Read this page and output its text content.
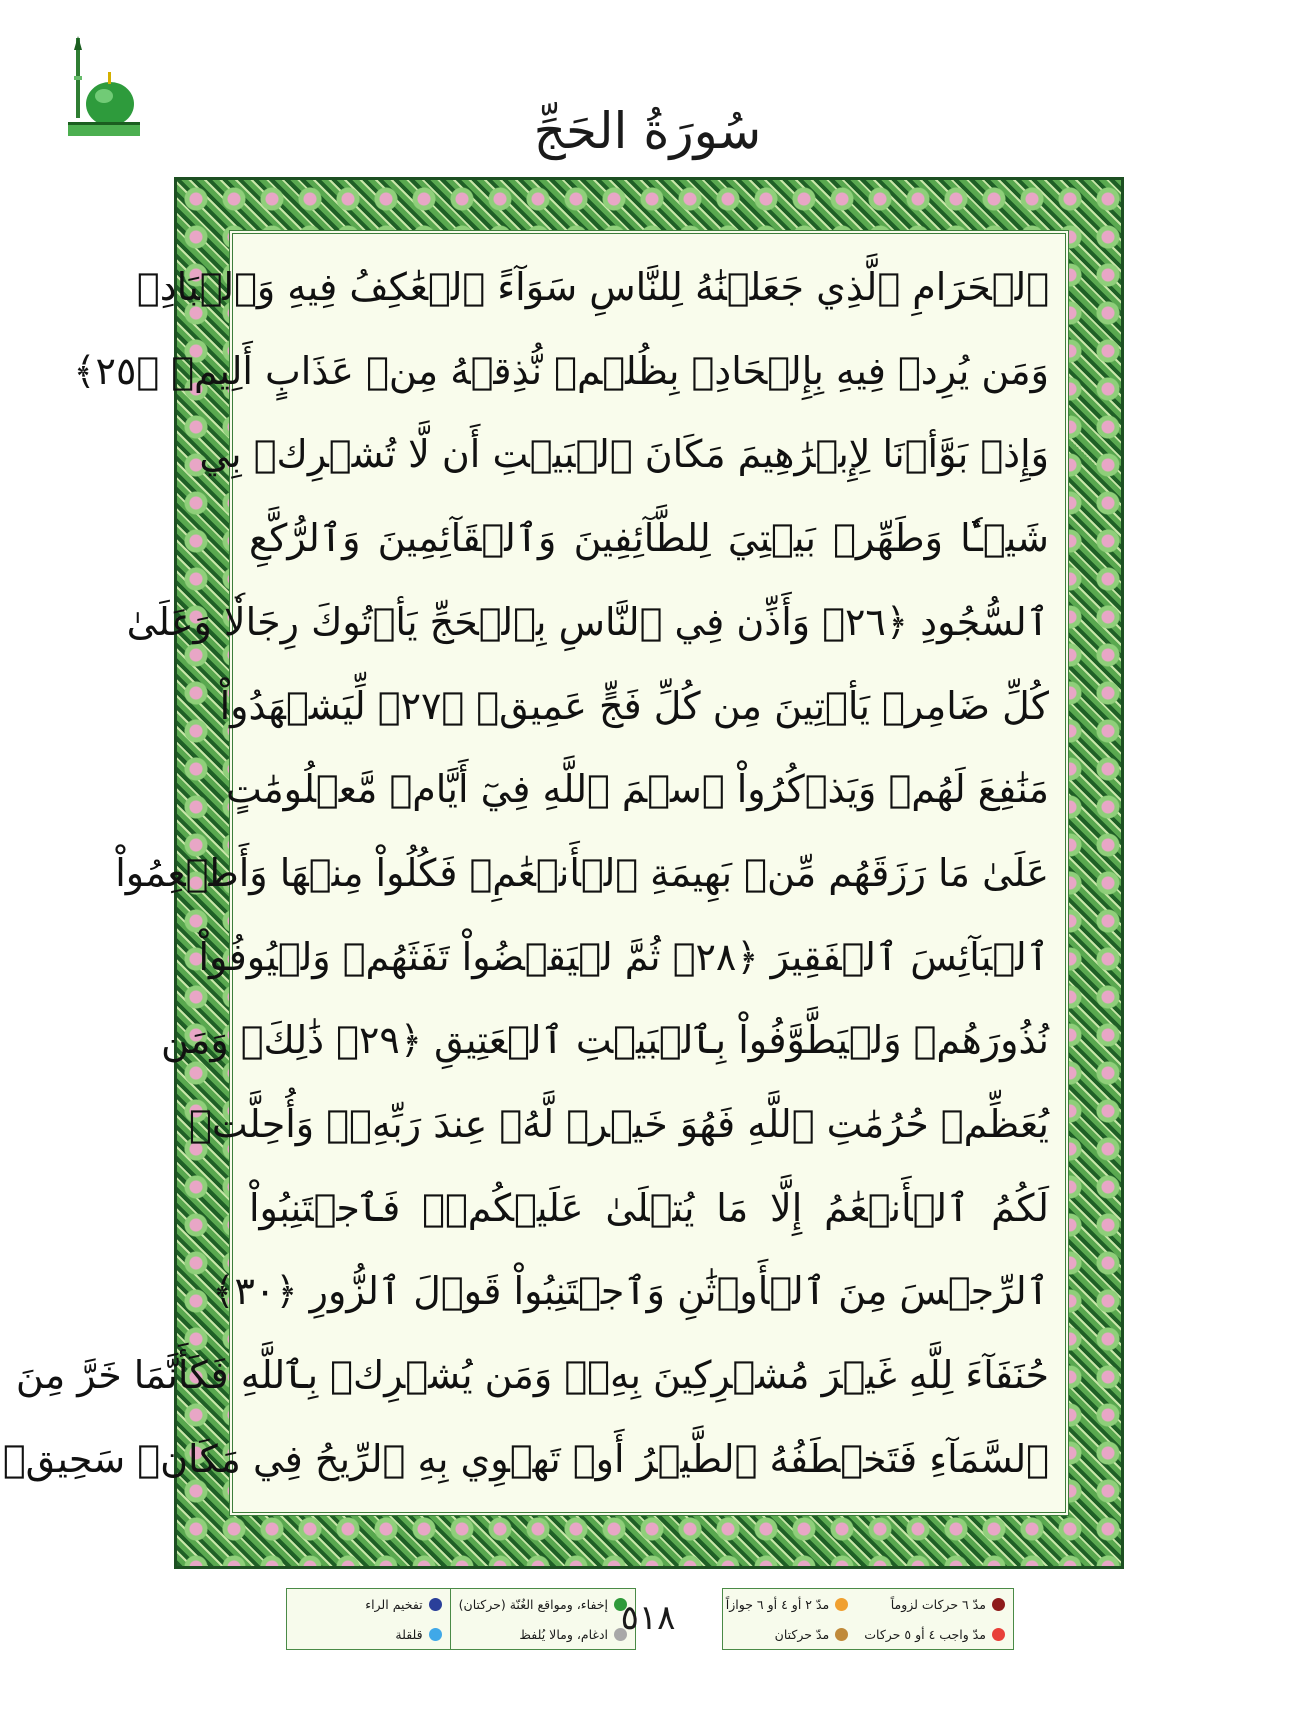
سُورَةُ الحَجِّ
ٱلۡحَرَامِ ٱلَّذِي جَعَلۡنَٰهُ لِلنَّاسِ سَوَآءً ٱلۡعَٰكِفُ فِيهِ وَٱلۡبَادِۚ
وَمَن يُرِدۡ فِيهِ بِإِلۡحَادِۭ بِظُلۡمٖ نُّذِقۡهُ مِنۡ عَذَابٍ أَلِيمٖ ﴿٢٥﴾
وَإِذۡ بَوَّأۡنَا لِإِبۡرَٰهِيمَ مَكَانَ ٱلۡبَيۡتِ أَن لَّا تُشۡرِكۡ بِي
شَيۡـٔٗا وَطَهِّرۡ بَيۡتِيَ لِلطَّآئِفِينَ وَٱلۡقَآئِمِينَ وَٱلرُّكَّعِ
ٱلسُّجُودِ ﴿٢٦﴾ وَأَذِّن فِي ٱلنَّاسِ بِٱلۡحَجِّ يَأۡتُوكَ رِجَالٗا وَعَلَىٰ
كُلِّ ضَامِرٖ يَأۡتِينَ مِن كُلِّ فَجٍّ عَمِيقٖ ﴿٢٧﴾ لِّيَشۡهَدُواْ
مَنَٰفِعَ لَهُمۡ وَيَذۡكُرُواْ ٱسۡمَ ٱللَّهِ فِيٓ أَيَّامٖ مَّعۡلُومَٰتٍ
عَلَىٰ مَا رَزَقَهُم مِّنۢ بَهِيمَةِ ٱلۡأَنۡعَٰمِۖ فَكُلُواْ مِنۡهَا وَأَطۡعِمُواْ
ٱلۡبَآئِسَ ٱلۡفَقِيرَ ﴿٢٨﴾ ثُمَّ لۡيَقۡضُواْ تَفَثَهُمۡ وَلۡيُوفُواْ
نُذُورَهُمۡ وَلۡيَطَّوَّفُواْ بِٱلۡبَيۡتِ ٱلۡعَتِيقِ ﴿٢٩﴾ ذَٰلِكَۖ وَمَن
يُعَظِّمۡ حُرُمَٰتِ ٱللَّهِ فَهُوَ خَيۡرٞ لَّهُۥ عِندَ رَبِّهِۦۗ وَأُحِلَّتۡ
لَكُمُ ٱلۡأَنۡعَٰمُ إِلَّا مَا يُتۡلَىٰ عَلَيۡكُمۡۖ فَٱجۡتَنِبُواْ
ٱلرِّجۡسَ مِنَ ٱلۡأَوۡثَٰنِ وَٱجۡتَنِبُواْ قَوۡلَ ٱلزُّورِ ﴿٣٠﴾
حُنَفَآءَ لِلَّهِ غَيۡرَ مُشۡرِكِينَ بِهِۦۚ وَمَن يُشۡرِكۡ بِٱللَّهِ فَكَأَنَّمَا خَرَّ مِنَ
ٱلسَّمَآءِ فَتَخۡطَفُهُ ٱلطَّيۡرُ أَوۡ تَهۡوِي بِهِ ٱلرِّيحُ فِي مَكَانٖ سَحِيقٖ
إخفاء، ومواقع الغُنّة (حركتان)
تفخيم الراء
ادغام، ومالا يُلفظ
قلقلة	٥١٨	مدّ ٦ حركات لزوماً
مدّ ٢ أو ٤ أو ٦ جوازاً
مدّ واجب ٤ أو ٥ حركات
مدّ حركتان
